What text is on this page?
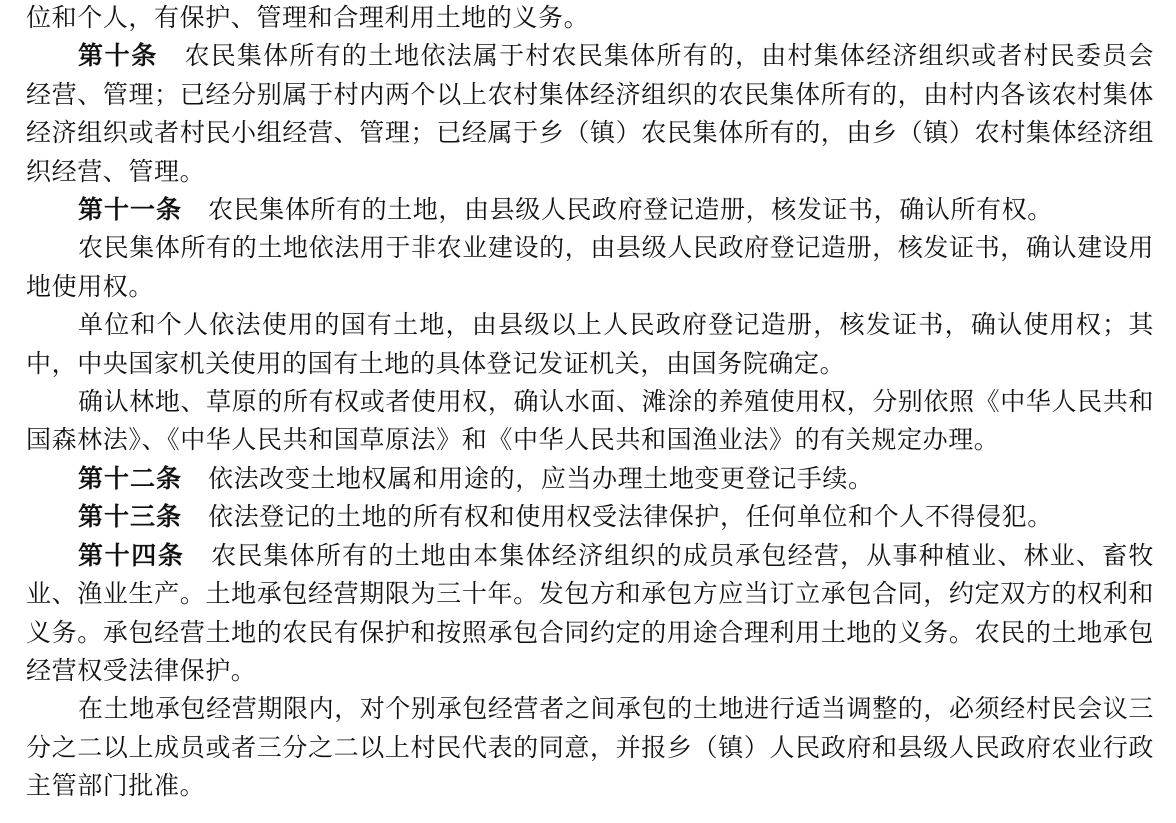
位和个人，有保护、管理和合理利用土地的义务。

第十条 农民集体所有的土地依法属于村农民集体所有的，由村集体经济组织或者村民委员会经营、管理；已经分别属于村内两个以上农村集体经济组织的农民集体所有的，由村内各该农村集体经济组织或者村民小组经营、管理；已经属于乡（镇）农民集体所有的，由乡（镇）农村集体经济组织经营、管理。

第十一条 农民集体所有的土地，由县级人民政府登记造册，核发证书，确认所有权。

农民集体所有的土地依法用于非农业建设的，由县级人民政府登记造册，核发证书，确认建设用地使用权。

单位和个人依法使用的国有土地，由县级以上人民政府登记造册，核发证书，确认使用权；其中，中央国家机关使用的国有土地的具体登记发证机关，由国务院确定。

确认林地、草原的所有权或者使用权，确认水面、滩涂的养殖使用权，分别依照《中华人民共和国森林法》、《中华人民共和国草原法》和《中华人民共和国渔业法》的有关规定办理。

第十二条 依法改变土地权属和用途的，应当办理土地变更登记手续。

第十三条 依法登记的土地的所有权和使用权受法律保护，任何单位和个人不得侵犯。

第十四条 农民集体所有的土地由本集体经济组织的成员承包经营，从事种植业、林业、畜牧业、渔业生产。土地承包经营期限为三十年。发包方和承包方应当订立承包合同，约定双方的权利和义务。承包经营土地的农民有保护和按照承包合同约定的用途合理利用土地的义务。农民的土地承包经营权受法律保护。

在土地承包经营期限内，对个别承包经营者之间承包的土地进行适当调整的，必须经村民会议三分之二以上成员或者三分之二以上村民代表的同意，并报乡（镇）人民政府和县级人民政府农业行政主管部门批准。
